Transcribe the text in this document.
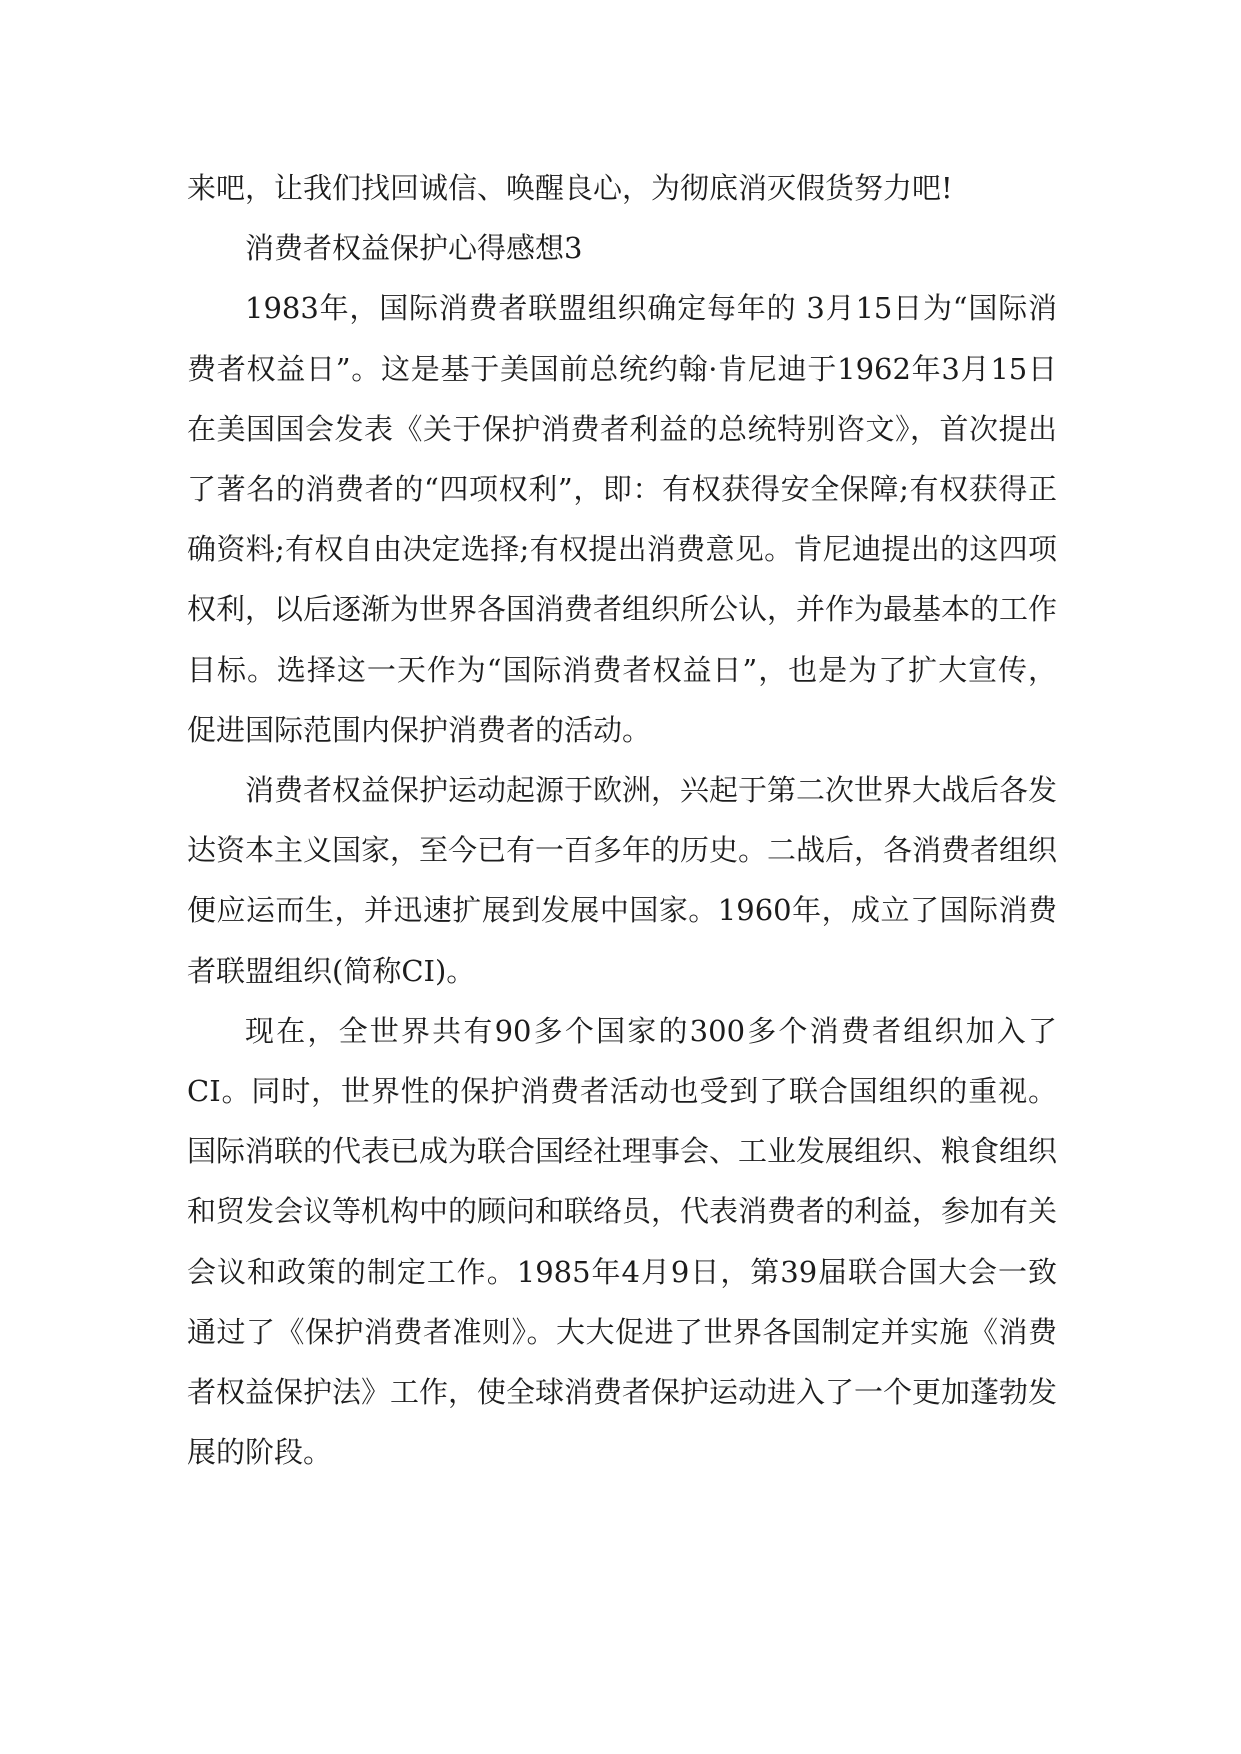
来吧，让我们找回诚信、唤醒良心，为彻底消灭假货努力吧!

消费者权益保护心得感想3

1983年，国际消费者联盟组织确定每年的 3月15日为“国际消费者权益日”。这是基于美国前总统约翰·肯尼迪于1962年3月15日在美国国会发表《关于保护消费者利益的总统特别咨文》，首次提出了著名的消费者的“四项权利”，即：有权获得安全保障;有权获得正确资料;有权自由决定选择;有权提出消费意见。肯尼迪提出的这四项权利，以后逐渐为世界各国消费者组织所公认，并作为最基本的工作目标。选择这一天作为“国际消费者权益日”，也是为了扩大宣传，促进国际范围内保护消费者的活动。

消费者权益保护运动起源于欧洲，兴起于第二次世界大战后各发达资本主义国家，至今已有一百多年的历史。二战后，各消费者组织便应运而生，并迅速扩展到发展中国家。1960年，成立了国际消费者联盟组织(简称CI)。

现在，全世界共有90多个国家的300多个消费者组织加入了CI。同时，世界性的保护消费者活动也受到了联合国组织的重视。国际消联的代表已成为联合国经社理事会、工业发展组织、粮食组织和贸发会议等机构中的顾问和联络员，代表消费者的利益，参加有关会议和政策的制定工作。1985年4月9日，第39届联合国大会一致通过了《保护消费者准则》。大大促进了世界各国制定并实施《消费者权益保护法》工作，使全球消费者保护运动进入了一个更加蓬勃发展的阶段。
